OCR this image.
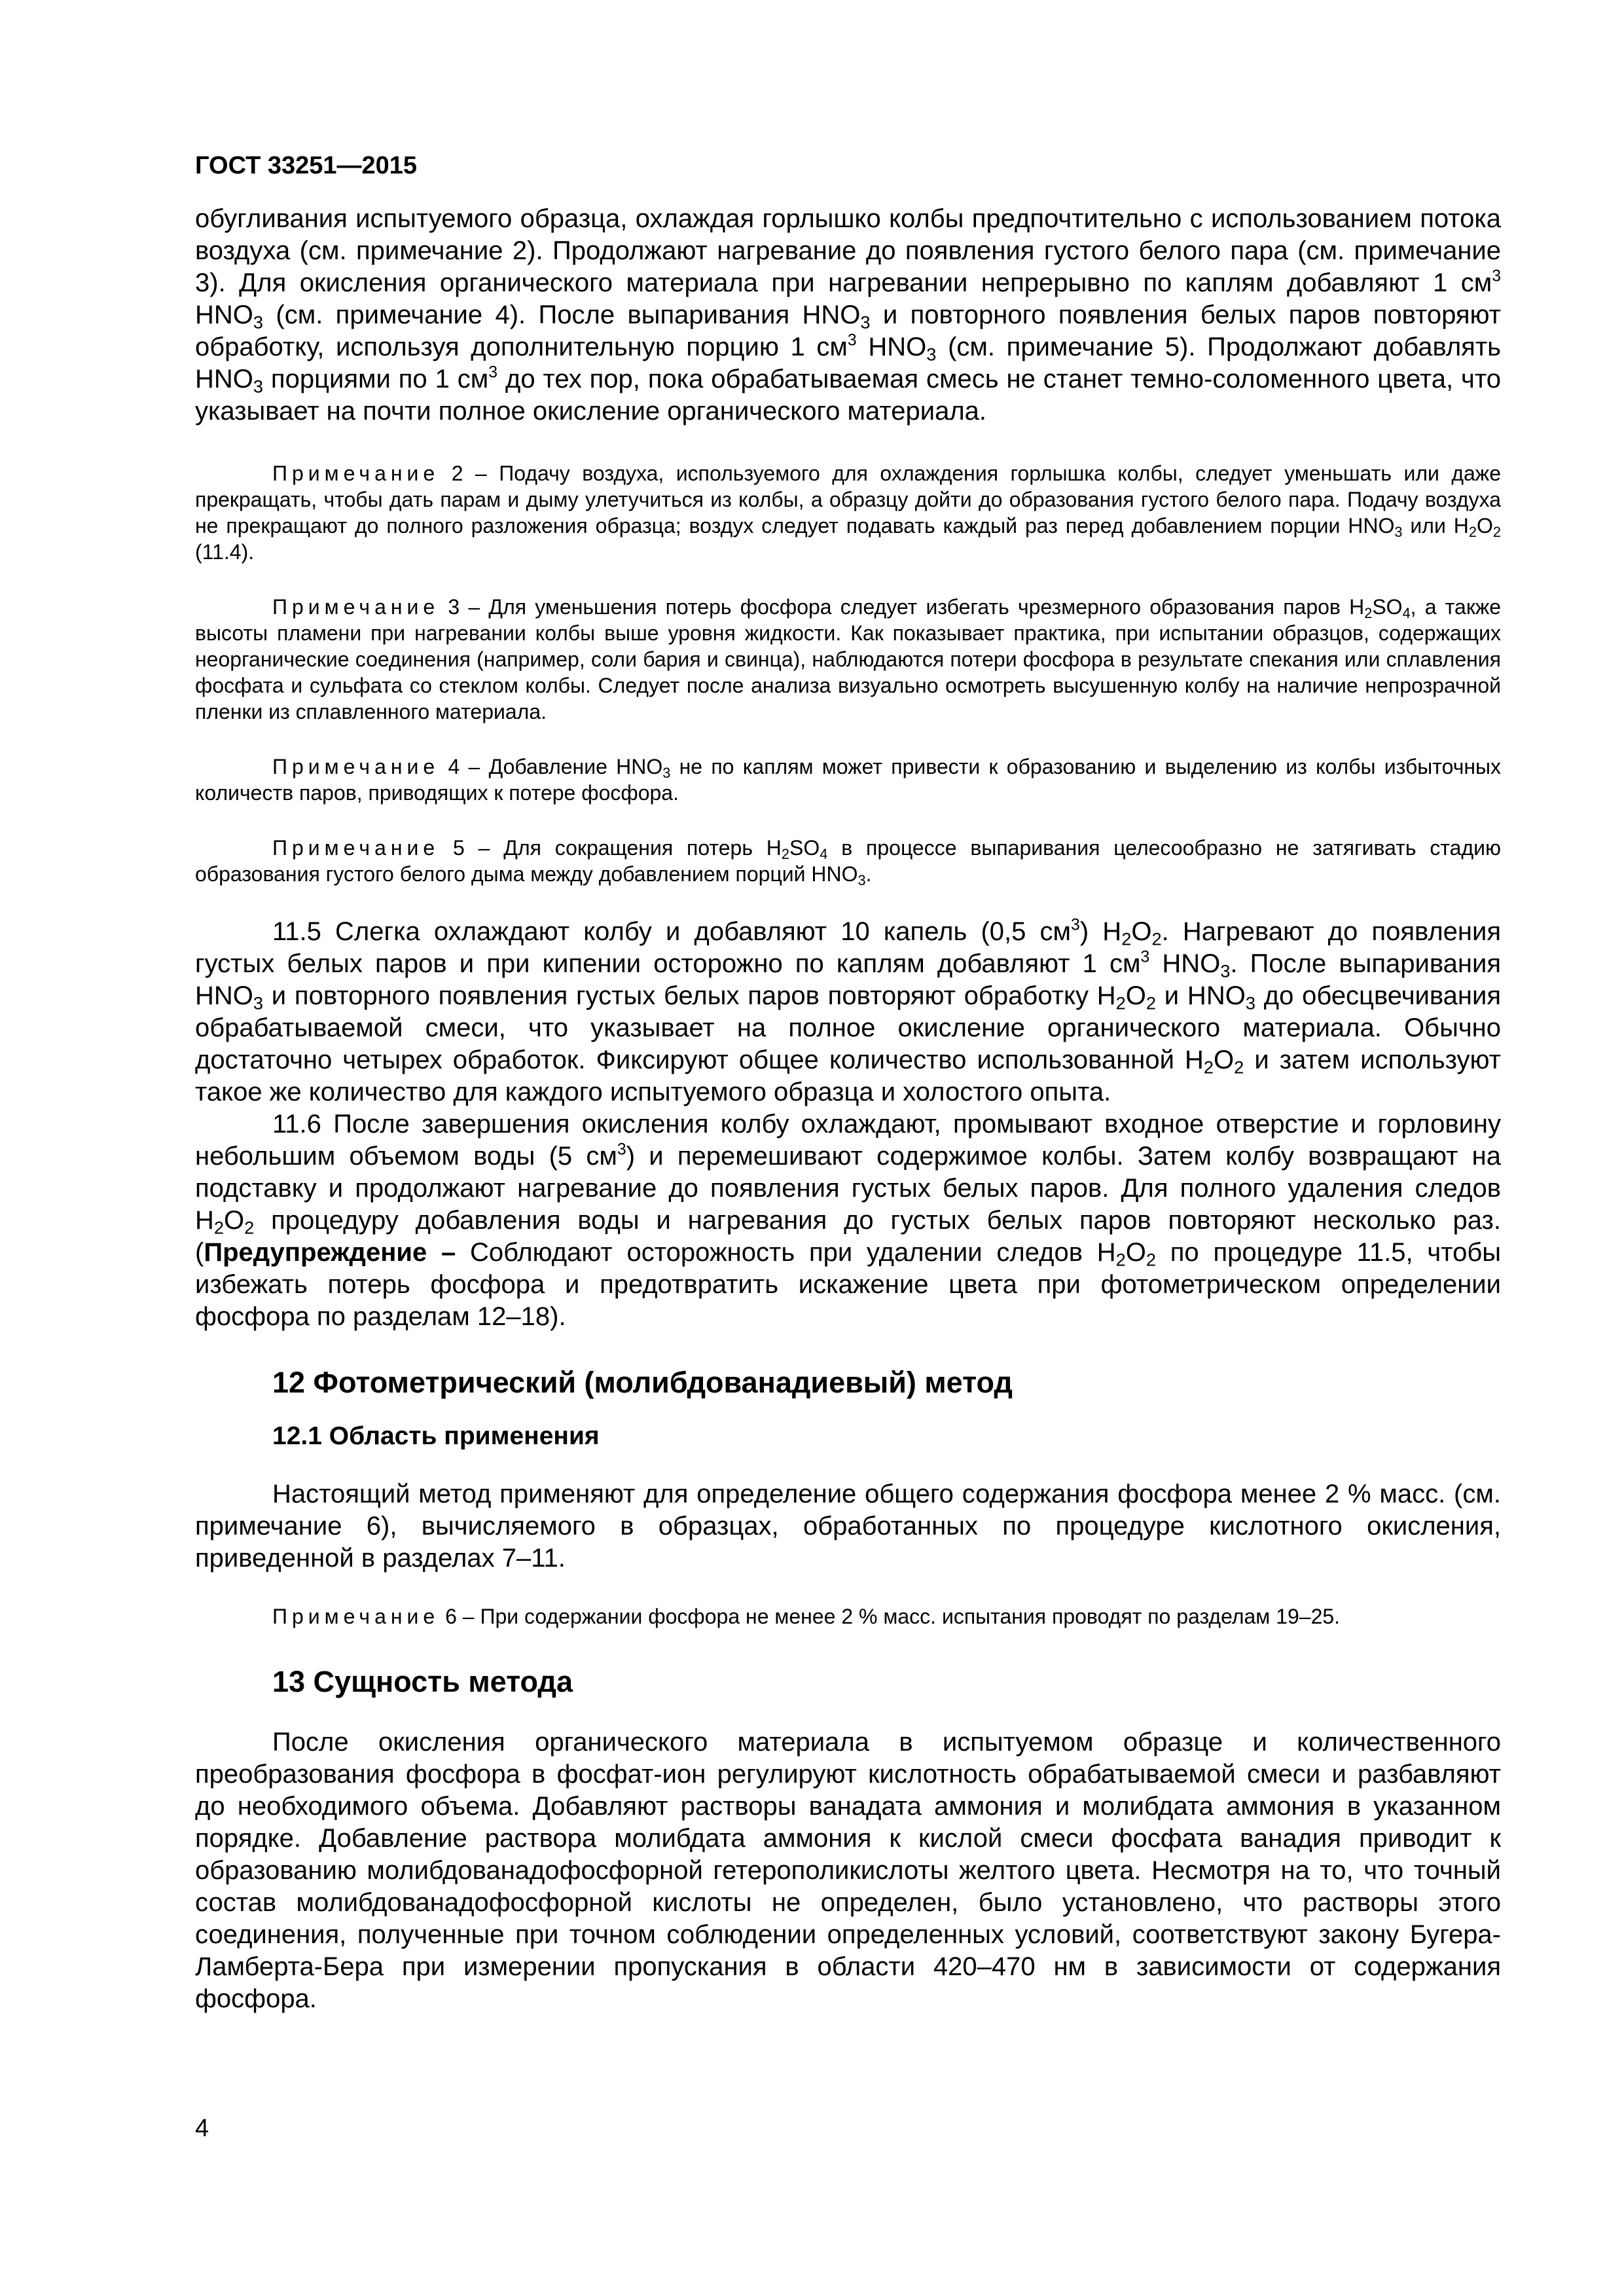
ГОСТ 33251—2015

обугливания испытуемого образца, охлаждая горлышко колбы предпочтительно с использованием потока воздуха (см. примечание 2). Продолжают нагревание до появления густого белого пара (см. примечание 3). Для окисления органического материала при нагревании непрерывно по каплям добавляют 1 $см^3$ $HNO_3$ (см. примечание 4). После выпаривания $HNO_3$ и повторного появления белых паров повторяют обработку, используя дополнительную порцию 1 $см^3$ $HNO_3$ (см. примечание 5). Продолжают добавлять $HNO_3$ порциями по 1 $см^3$ до тех пор, пока обрабатываемая смесь не станет темно-соломенного цвета, что указывает на почти полное окисление органического материала.

Примечание 2 – Подачу воздуха, используемого для охлаждения горлышка колбы, следует уменьшать или даже прекращать, чтобы дать парам и дыму улетучиться из колбы, а образцу дойти до образования густого белого пара. Подачу воздуха не прекращают до полного разложения образца; воздух следует подавать каждый раз перед добавлением порции $HNO_3$ или $H_2O_2$ (11.4).

Примечание 3 – Для уменьшения потерь фосфора следует избегать чрезмерного образования паров $H_2SO_4$, а также высоты пламени при нагревании колбы выше уровня жидкости. Как показывает практика, при испытании образцов, содержащих неорганические соединения (например, соли бария и свинца), наблюдаются потери фосфора в результате спекания или сплавления фосфата и сульфата со стеклом колбы. Следует после анализа визуально осмотреть высушенную колбу на наличие непрозрачной пленки из сплавленного материала.

Примечание 4 – Добавление $HNO_3$ не по каплям может привести к образованию и выделению из колбы избыточных количеств паров, приводящих к потере фосфора.

Примечание 5 – Для сокращения потерь $H_2SO_4$ в процессе выпаривания целесообразно не затягивать стадию образования густого белого дыма между добавлением порций $HNO_3$.

11.5 Слегка охлаждают колбу и добавляют 10 капель (0,5 $см^3$) $H_2O_2$. Нагревают до появления густых белых паров и при кипении осторожно по каплям добавляют 1 $см^3$ $HNO_3$. После выпаривания $HNO_3$ и повторного появления густых белых паров повторяют обработку $H_2O_2$ и $HNO_3$ до обесцвечивания обрабатываемой смеси, что указывает на полное окисление органического материала. Обычно достаточно четырех обработок. Фиксируют общее количество использованной $H_2O_2$ и затем используют такое же количество для каждого испытуемого образца и холостого опыта.

11.6 После завершения окисления колбу охлаждают, промывают входное отверстие и горловину небольшим объемом воды (5 $см^3$) и перемешивают содержимое колбы. Затем колбу возвращают на подставку и продолжают нагревание до появления густых белых паров. Для полного удаления следов $H_2O_2$ процедуру добавления воды и нагревания до густых белых паров повторяют несколько раз. (Предупреждение – Соблюдают осторожность при удалении следов $H_2O_2$ по процедуре 11.5, чтобы избежать потерь фосфора и предотвратить искажение цвета при фотометрическом определении фосфора по разделам 12–18).

12 Фотометрический (молибдованадиевый) метод
12.1 Область применения

Настоящий метод применяют для определение общего содержания фосфора менее 2 % масс. (см. примечание 6), вычисляемого в образцах, обработанных по процедуре кислотного окисления, приведенной в разделах 7–11.

Примечание 6 – При содержании фосфора не менее 2 % масс. испытания проводят по разделам 19–25.

13 Сущность метода

После окисления органического материала в испытуемом образце и количественного преобразования фосфора в фосфат-ион регулируют кислотность обрабатываемой смеси и разбавляют до необходимого объема. Добавляют растворы ванадата аммония и молибдата аммония в указанном порядке. Добавление раствора молибдата аммония к кислой смеси фосфата ванадия приводит к образованию молибдованадофосфорной гетерополикислоты желтого цвета. Несмотря на то, что точный состав молибдованадофосфорной кислоты не определен, было установлено, что растворы этого соединения, полученные при точном соблюдении определенных условий, соответствуют закону Бугера-Ламберта-Бера при измерении пропускания в области 420–470 нм в зависимости от содержания фосфора.

4
